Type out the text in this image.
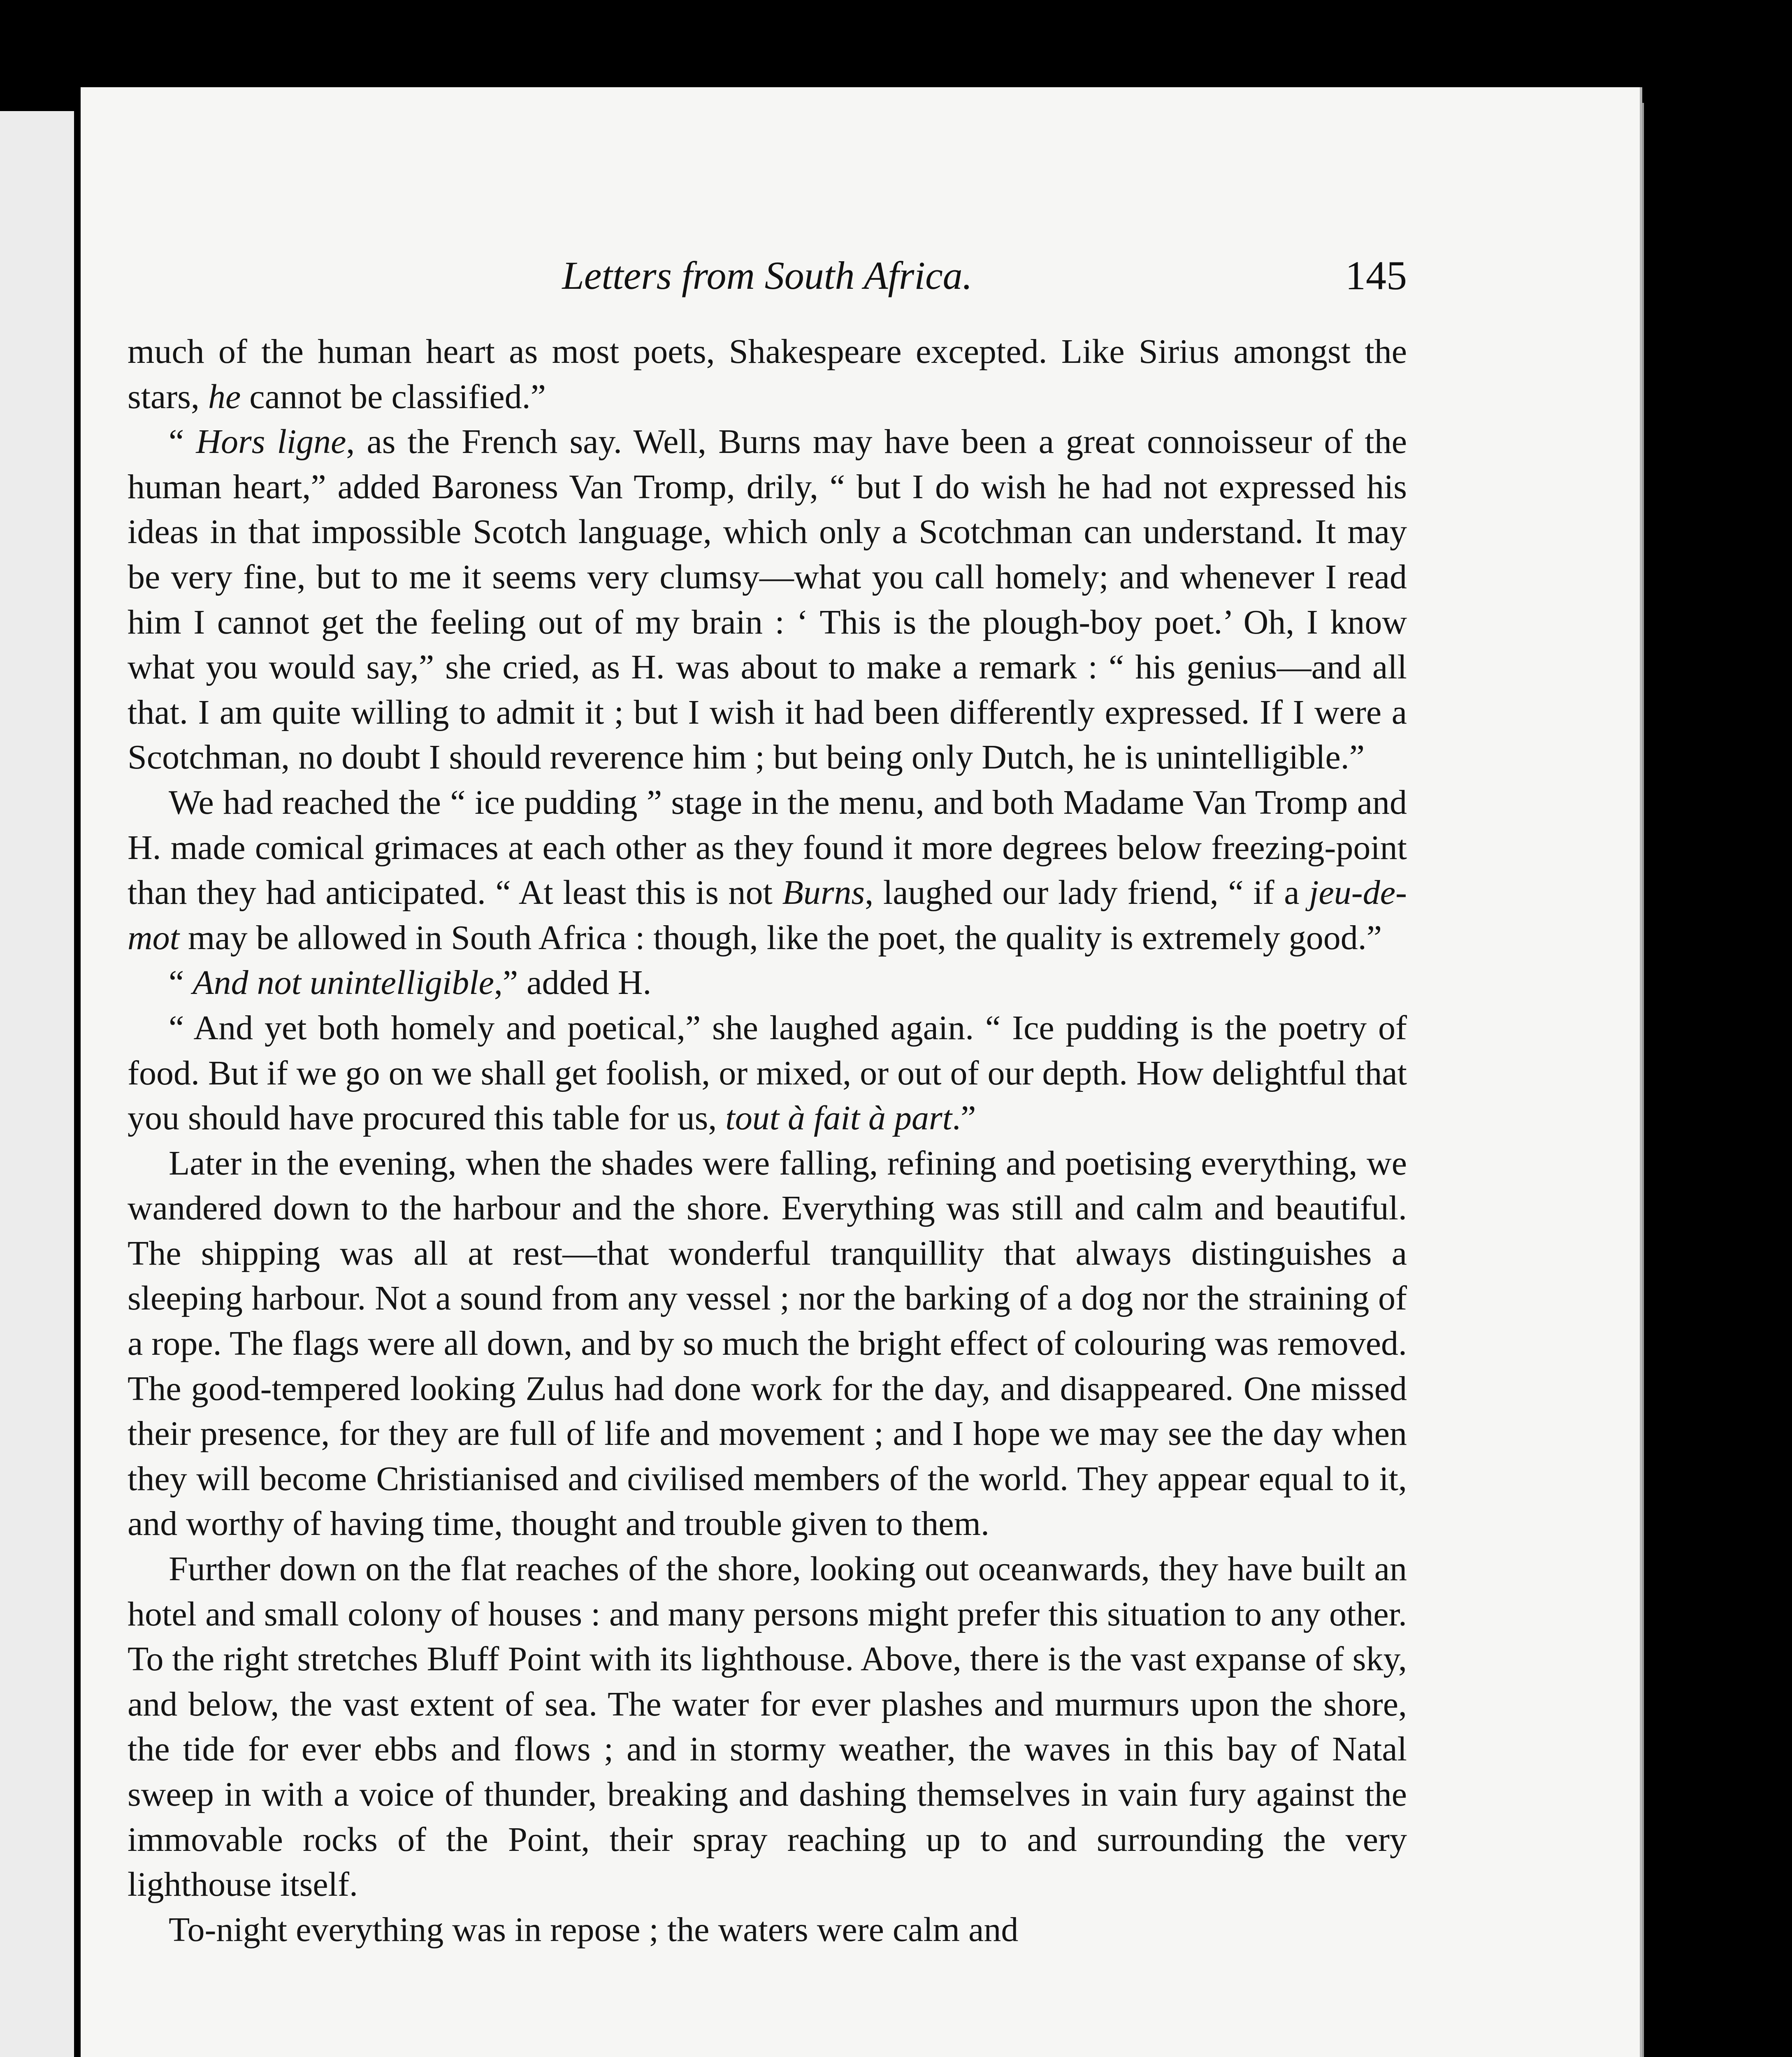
Letters from South Africa.	145

much of the human heart as most poets, Shakespeare excepted. Like Sirius amongst the stars, he cannot be classified.”

“ Hors ligne, as the French say. Well, Burns may have been a great connoisseur of the human heart,” added Baroness Van Tromp, drily, “ but I do wish he had not expressed his ideas in that impossible Scotch language, which only a Scotchman can understand. It may be very fine, but to me it seems very clumsy—what you call homely; and whenever I read him I cannot get the feeling out of my brain : ‘ This is the plough-boy poet.’ Oh, I know what you would say,” she cried, as H. was about to make a remark : “ his genius—and all that. I am quite willing to admit it ; but I wish it had been differently expressed. If I were a Scotchman, no doubt I should reverence him ; but being only Dutch, he is unintelligible.”

We had reached the “ ice pudding ” stage in the menu, and both Madame Van Tromp and H. made comical grimaces at each other as they found it more degrees below freezing-point than they had anticipated. “ At least this is not Burns, laughed our lady friend, “ if a jeu-de-mot may be allowed in South Africa : though, like the poet, the quality is extremely good.”

“ And not unintelligible,” added H.

“ And yet both homely and poetical,” she laughed again. “ Ice pudding is the poetry of food. But if we go on we shall get foolish, or mixed, or out of our depth. How delightful that you should have procured this table for us, tout à fait à part.”

Later in the evening, when the shades were falling, refining and poetising everything, we wandered down to the harbour and the shore. Everything was still and calm and beautiful. The shipping was all at rest—that wonderful tranquillity that always distinguishes a sleeping harbour. Not a sound from any vessel ; nor the barking of a dog nor the straining of a rope. The flags were all down, and by so much the bright effect of colouring was removed. The good-tempered looking Zulus had done work for the day, and disappeared. One missed their presence, for they are full of life and movement ; and I hope we may see the day when they will become Christianised and civilised members of the world. They appear equal to it, and worthy of having time, thought and trouble given to them.

Further down on the flat reaches of the shore, looking out oceanwards, they have built an hotel and small colony of houses : and many persons might prefer this situation to any other. To the right stretches Bluff Point with its lighthouse. Above, there is the vast expanse of sky, and below, the vast extent of sea. The water for ever plashes and murmurs upon the shore, the tide for ever ebbs and flows ; and in stormy weather, the waves in this bay of Natal sweep in with a voice of thunder, breaking and dashing themselves in vain fury against the immovable rocks of the Point, their spray reaching up to and surrounding the very lighthouse itself.

To-night everything was in repose ; the waters were calm and
